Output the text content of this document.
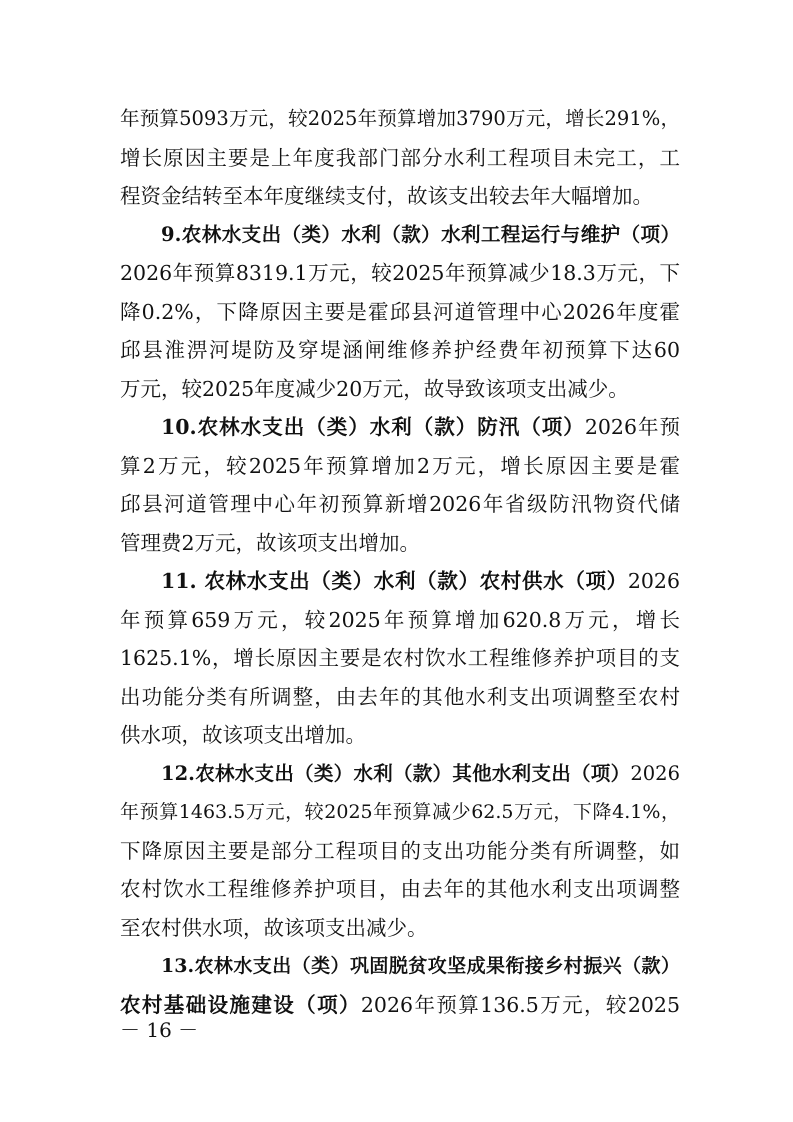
年预算5093万元，较2025年预算增加3790万元，增长291%，
增长原因主要是上年度我部门部分水利工程项目未完工，工
程资金结转至本年度继续支付，故该支出较去年大幅增加。
9.农林水支出（类）水利（款）水利工程运行与维护（项）
2026年预算8319.1万元，较2025年预算减少18.3万元，下
降0.2%，下降原因主要是霍邱县河道管理中心2026年度霍
邱县淮淠河堤防及穿堤涵闸维修养护经费年初预算下达60
万元，较2025年度减少20万元，故导致该项支出减少。
10.农林水支出（类）水利（款）防汛（项）2026年预
算2万元，较2025年预算增加2万元，增长原因主要是霍
邱县河道管理中心年初预算新增2026年省级防汛物资代储
管理费2万元，故该项支出增加。
11. 农林水支出（类）水利（款）农村供水（项）2026
年预算659万元，较2025年预算增加620.8万元，增长
1625.1%，增长原因主要是农村饮水工程维修养护项目的支
出功能分类有所调整，由去年的其他水利支出项调整至农村
供水项，故该项支出增加。
12.农林水支出（类）水利（款）其他水利支出（项）2026
年预算1463.5万元，较2025年预算减少62.5万元，下降4.1%，
下降原因主要是部分工程项目的支出功能分类有所调整，如
农村饮水工程维修养护项目，由去年的其他水利支出项调整
至农村供水项，故该项支出减少。
13.农林水支出（类）巩固脱贫攻坚成果衔接乡村振兴（款）
农村基础设施建设（项）2026年预算136.5万元，较2025
－ 16 －
